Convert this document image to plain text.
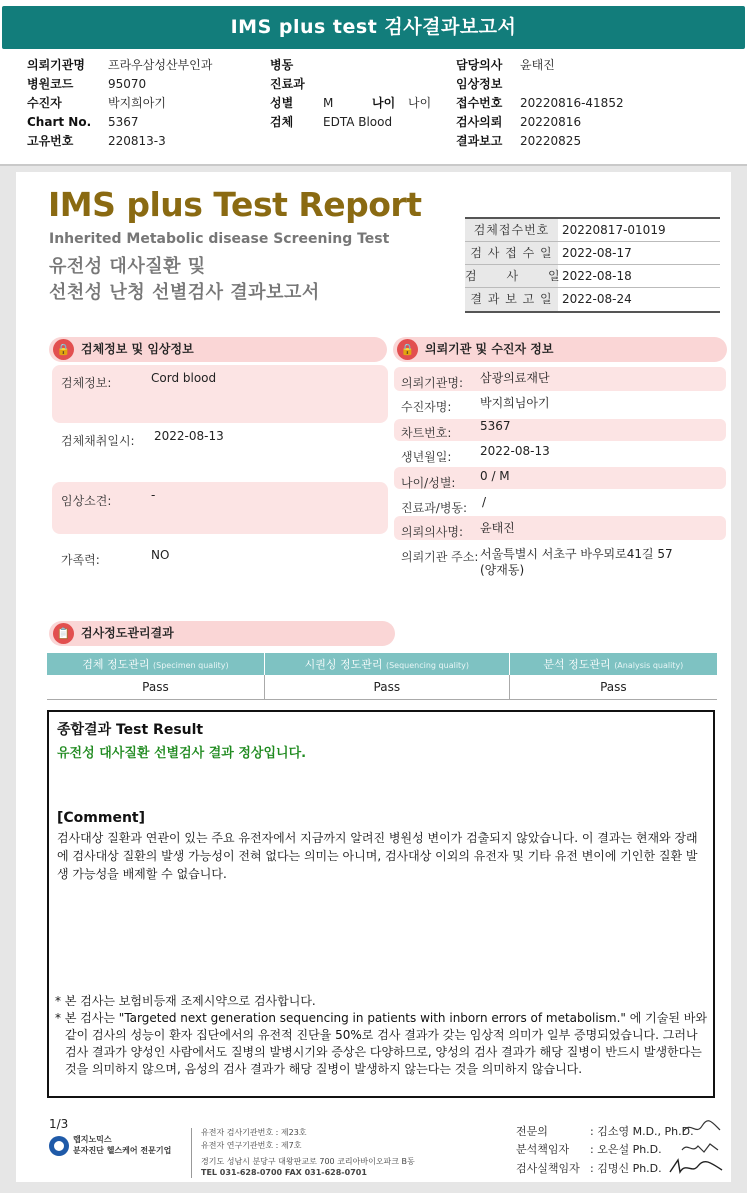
IMS plus test 검사결과보고서
의뢰기관명 프라우삼성산부인과
병원코드	95070
수진자	박지희아기
Chart No. 5367
고유번호	220813-3
병동
진료과
성별 M	나이 나이
검체 EDTA Blood
담당의사 윤태진
임상정보
접수번호 20220816-41852
검사의뢰 20220816
결과보고 20220825
IMS plus Test Report
Inherited Metabolic disease Screening Test
유전성 대사질환 및
선천성 난청 선별검사 결과보고서
검체접수번호	20220817-01019
검 사 접 수 일 2022-08-17
검      사      일 2022-08-18
결 과 보 고 일 2022-08-24
🔒 검체정보 및 임상정보
검체정보:	Cord blood
검체채취일시: 2022-08-13
임상소견:	-
가족력:	NO
🔒 의뢰기관 및 수진자 정보
의뢰기관명: 삼광의료재단
수진자명: 박지희님아기
차트번호: 5367
생년월일: 2022-08-13
나이/성별: 0 / M
진료과/병동: /
의뢰의사명: 윤태진
의뢰기관 주소: 서울특별시 서초구 바우뫼로41길 57
(양재동)
📋 검사정도관리결과
검체 정도관리 (Specimen quality)	시퀀싱 정도관리 (Sequencing quality)	분석 정도관리 (Analysis quality)
Pass	Pass	Pass
종합결과 Test Result
유전성 대사질환 선별검사 결과 정상입니다.
[Comment]
검사대상 질환과 연관이 있는 주요 유전자에서 지금까지 알려진 병원성 변이가 검출되지 않았습니다. 이 결과는 현재와 장래에 검사대상 질환의 발생 가능성이 전혀 없다는 의미는 아니며, 검사대상 이외의 유전자 및 기타 유전 변이에 기인한 질환 발생 가능성을 배제할 수 없습니다.
* 본 검사는 보험비등재 조제시약으로 검사합니다.
* 본 검사는 "Targeted next generation sequencing in patients with inborn errors of metabolism." 에 기술된 바와 같이 검사의 성능이 환자 집단에서의 유전적 진단율 50%로 검사 결과가 갖는 임상적 의미가 일부 증명되었습니다. 그러나 검사 결과가 양성인 사람에서도 질병의 발병시기와 증상은 다양하므로, 양성의 검사 결과가 해당 질병이 반드시 발생한다는 것을 의미하지 않으며, 음성의 검사 결과가 해당 질병이 발생하지 않는다는 것을 의미하지 않습니다.
1/3
랩지노믹스
분자진단 헬스케어 전문기업
유전자 검사기관번호 : 제23호
유전자 연구기관번호 : 제7호
경기도 성남시 분당구 대왕판교로 700 코리아바이오파크 B동
TEL 031-628-0700 FAX 031-628-0701
전문의	: 김소영 M.D., Ph.D.
분석책임자 : 오은설 Ph.D.
검사실책임자 : 김명신 Ph.D.
